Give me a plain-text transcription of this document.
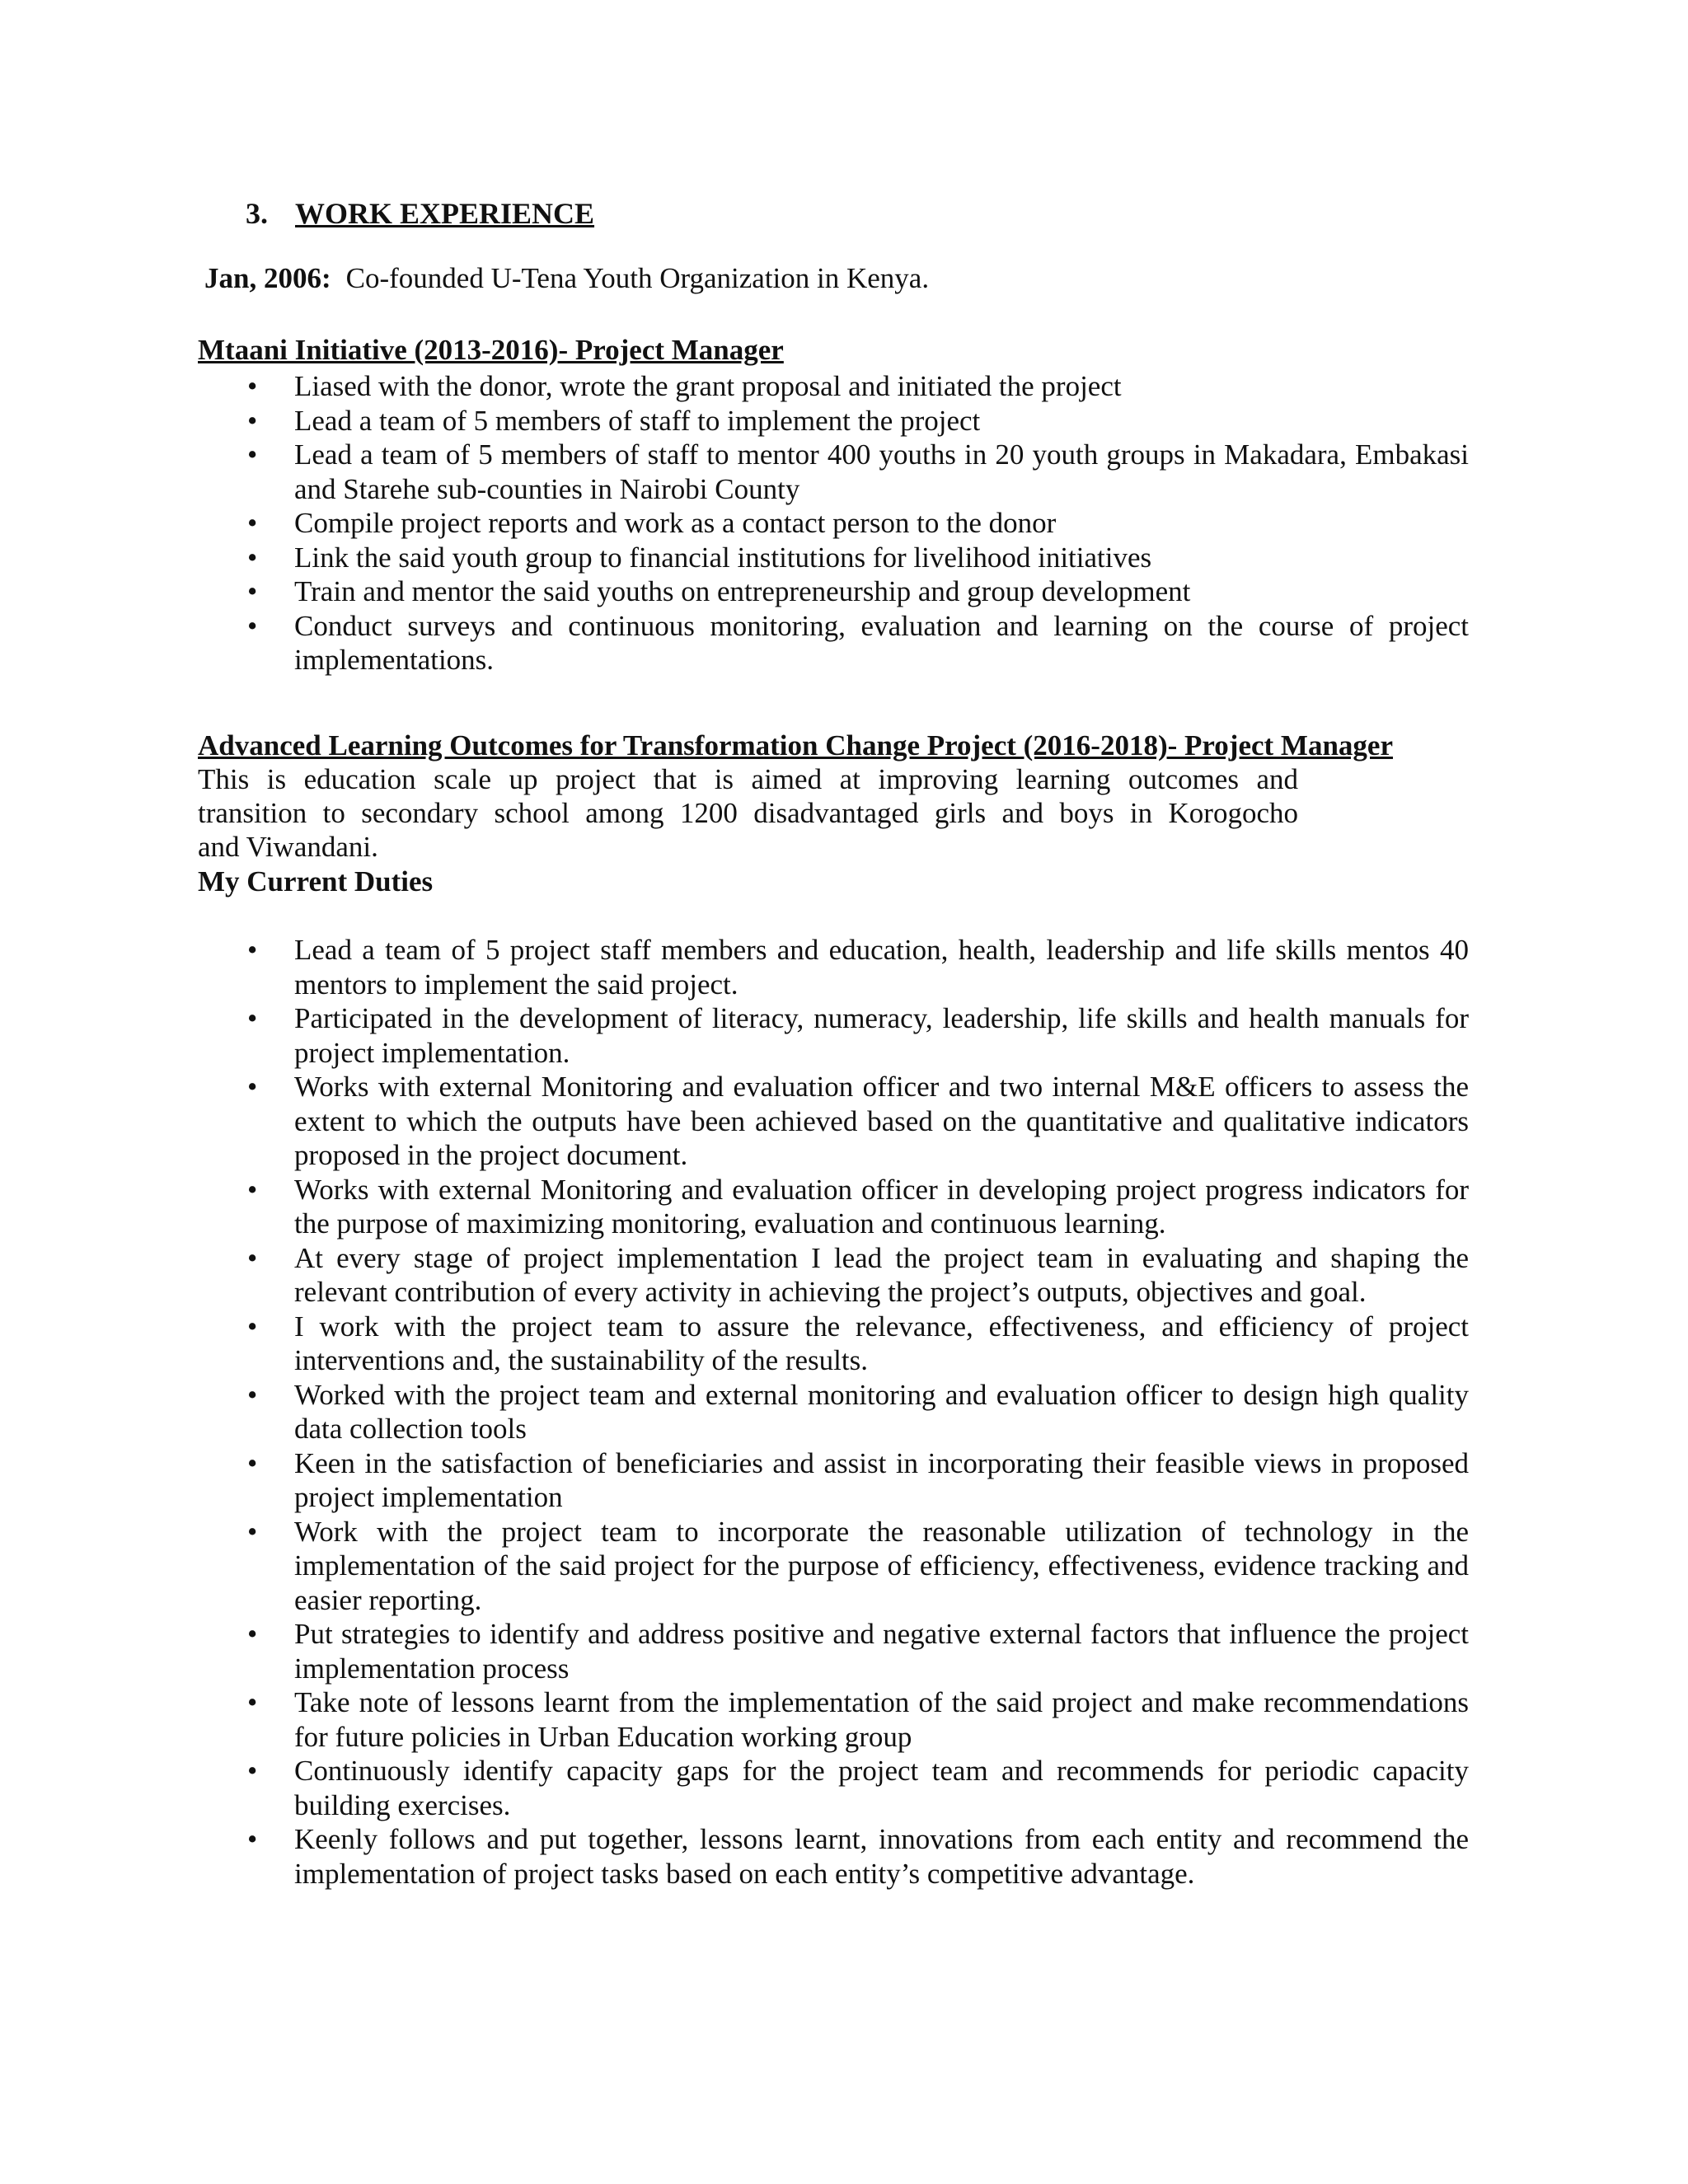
3. WORK EXPERIENCE
Jan, 2006: Co-founded U-Tena Youth Organization in Kenya.
Mtaani Initiative (2013-2016)- Project Manager
• Liased with the donor, wrote the grant proposal and initiated the project
• Lead a team of 5 members of staff to implement the project
• Lead a team of 5 members of staff to mentor 400 youths in 20 youth groups in Makadara, Embakasi and Starehe sub-counties in Nairobi County
• Compile project reports and work as a contact person to the donor
• Link the said youth group to financial institutions for livelihood initiatives
• Train and mentor the said youths on entrepreneurship and group development
• Conduct surveys and continuous monitoring, evaluation and learning on the course of project implementations.
Advanced Learning Outcomes for Transformation Change Project (2016-2018)- Project Manager
This is education scale up project that is aimed at improving learning outcomes and
transition to secondary school among 1200 disadvantaged girls and boys in Korogocho
and Viwandani.
My Current Duties
• Lead a team of 5 project staff members and education, health, leadership and life skills mentos 40 mentors to implement the said project.
• Participated in the development of literacy, numeracy, leadership, life skills and health manuals for project implementation.
• Works with external Monitoring and evaluation officer and two internal M&E officers to assess the extent to which the outputs have been achieved based on the quantitative and qualitative indicators proposed in the project document.
• Works with external Monitoring and evaluation officer in developing project progress indicators for the purpose of maximizing monitoring, evaluation and continuous learning.
• At every stage of project implementation I lead the project team in evaluating and shaping the relevant contribution of every activity in achieving the project’s outputs, objectives and goal.
• I work with the project team to assure the relevance, effectiveness, and efficiency of project interventions and, the sustainability of the results.
• Worked with the project team and external monitoring and evaluation officer to design high quality data collection tools
• Keen in the satisfaction of beneficiaries and assist in incorporating their feasible views in proposed project implementation
• Work with the project team to incorporate the reasonable utilization of technology in the implementation of the said project for the purpose of efficiency, effectiveness, evidence tracking and easier reporting.
• Put strategies to identify and address positive and negative external factors that influence the project implementation process
• Take note of lessons learnt from the implementation of the said project and make recommendations for future policies in Urban Education working group
• Continuously identify capacity gaps for the project team and recommends for periodic capacity building exercises.
• Keenly follows and put together, lessons learnt, innovations from each entity and recommend the implementation of project tasks based on each entity’s competitive advantage.
